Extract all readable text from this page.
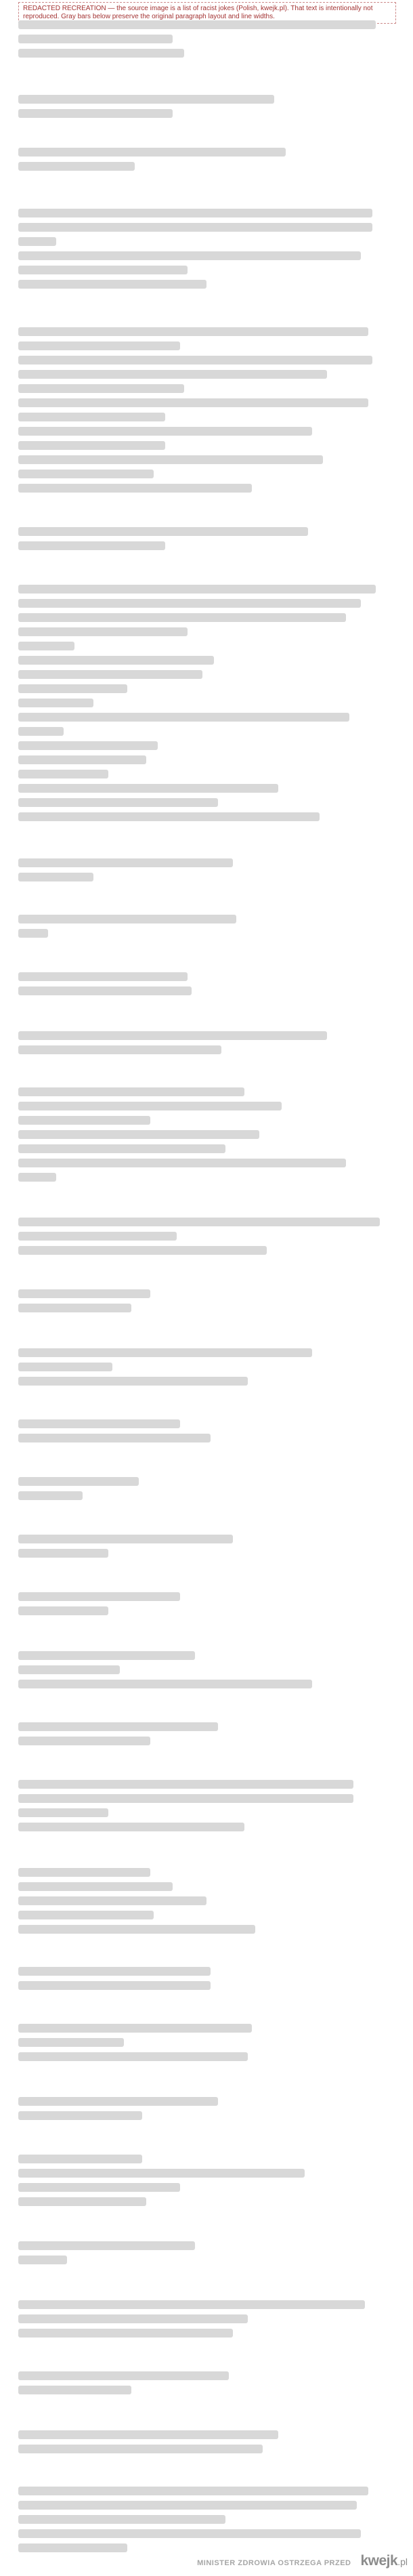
REDACTED RECREATION — the source image is a list of racist jokes (Polish, kwejk.pl). That text is intentionally not reproduced. Gray bars below preserve the original paragraph layout and line widths.
MINISTER ZDROWIA OSTRZEGA PRZED kwejk.pl
